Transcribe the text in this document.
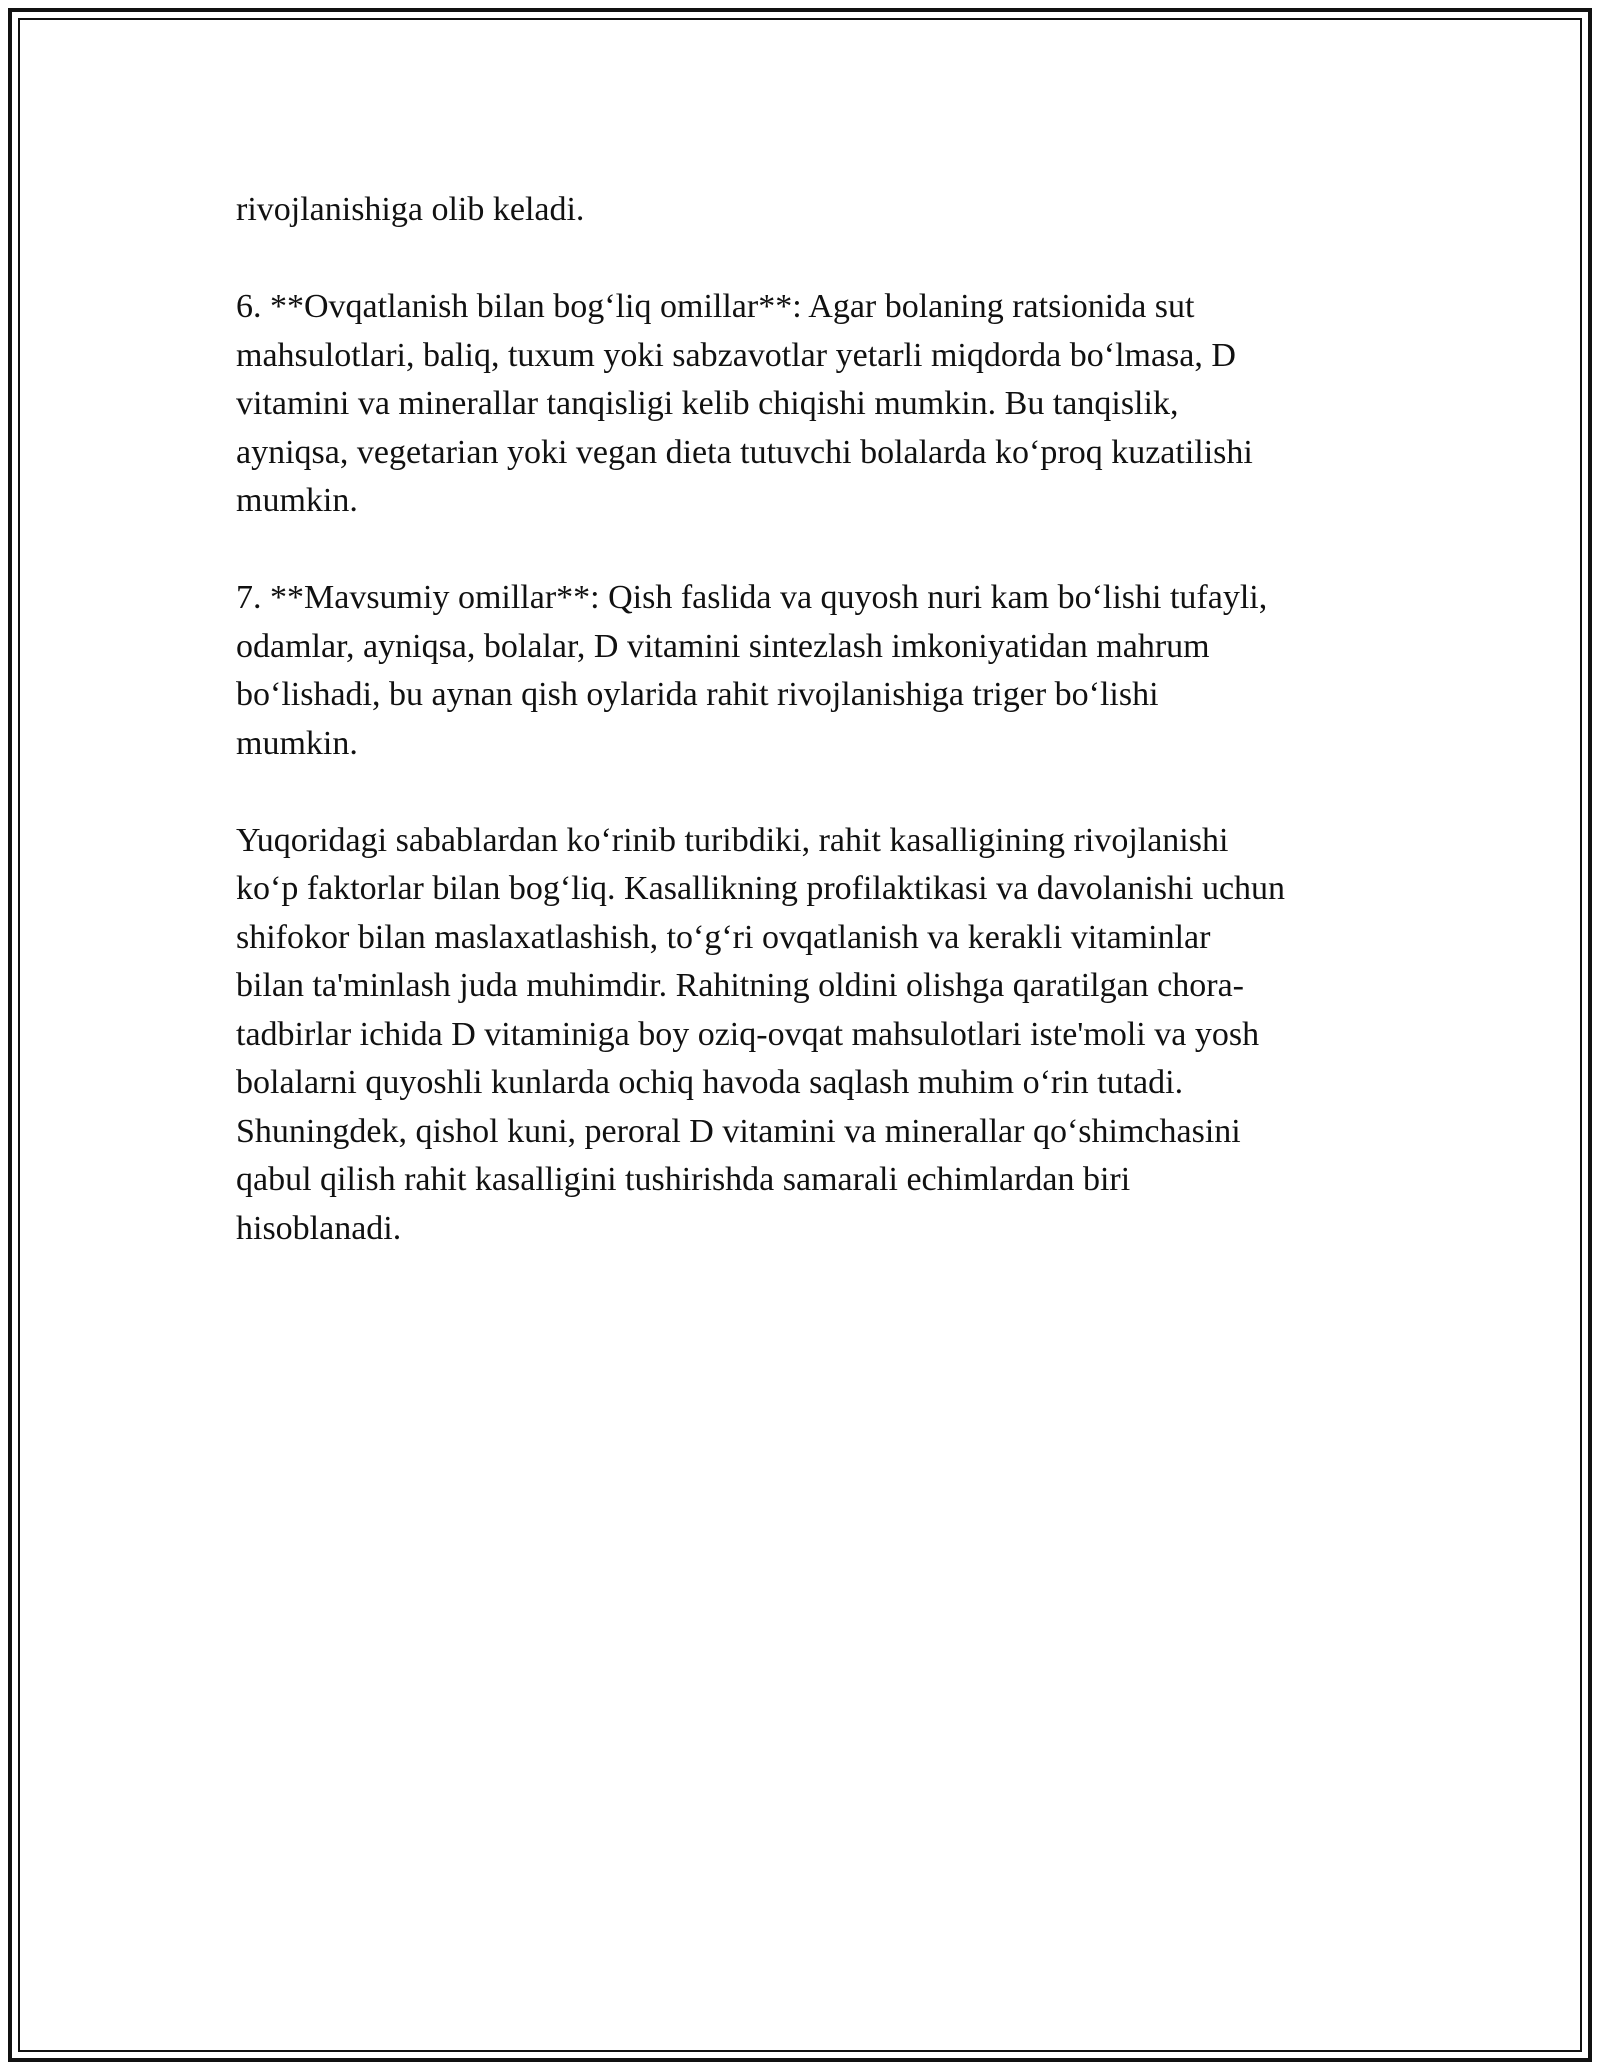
rivojlanishiga olib keladi.

6. **Ovqatlanish bilan bog‘liq omillar**: Agar bolaning ratsionida sut
mahsulotlari, baliq, tuxum yoki sabzavotlar yetarli miqdorda bo‘lmasa, D
vitamini va minerallar tanqisligi kelib chiqishi mumkin. Bu tanqislik,
ayniqsa, vegetarian yoki vegan dieta tutuvchi bolalarda ko‘proq kuzatilishi
mumkin.

7. **Mavsumiy omillar**: Qish faslida va quyosh nuri kam bo‘lishi tufayli,
odamlar, ayniqsa, bolalar, D vitamini sintezlash imkoniyatidan mahrum
bo‘lishadi, bu aynan qish oylarida rahit rivojlanishiga triger bo‘lishi
mumkin.

Yuqoridagi sabablardan ko‘rinib turibdiki, rahit kasalligining rivojlanishi
ko‘p faktorlar bilan bog‘liq. Kasallikning profilaktikasi va davolanishi uchun
shifokor bilan maslaxatlashish, to‘g‘ri ovqatlanish va kerakli vitaminlar
bilan ta'minlash juda muhimdir. Rahitning oldini olishga qaratilgan chora-
tadbirlar ichida D vitaminiga boy oziq-ovqat mahsulotlari iste'moli va yosh
bolalarni quyoshli kunlarda ochiq havoda saqlash muhim o‘rin tutadi.
Shuningdek, qishol kuni, peroral D vitamini va minerallar qo‘shimchasini
qabul qilish rahit kasalligini tushirishda samarali echimlardan biri
hisoblanadi.
